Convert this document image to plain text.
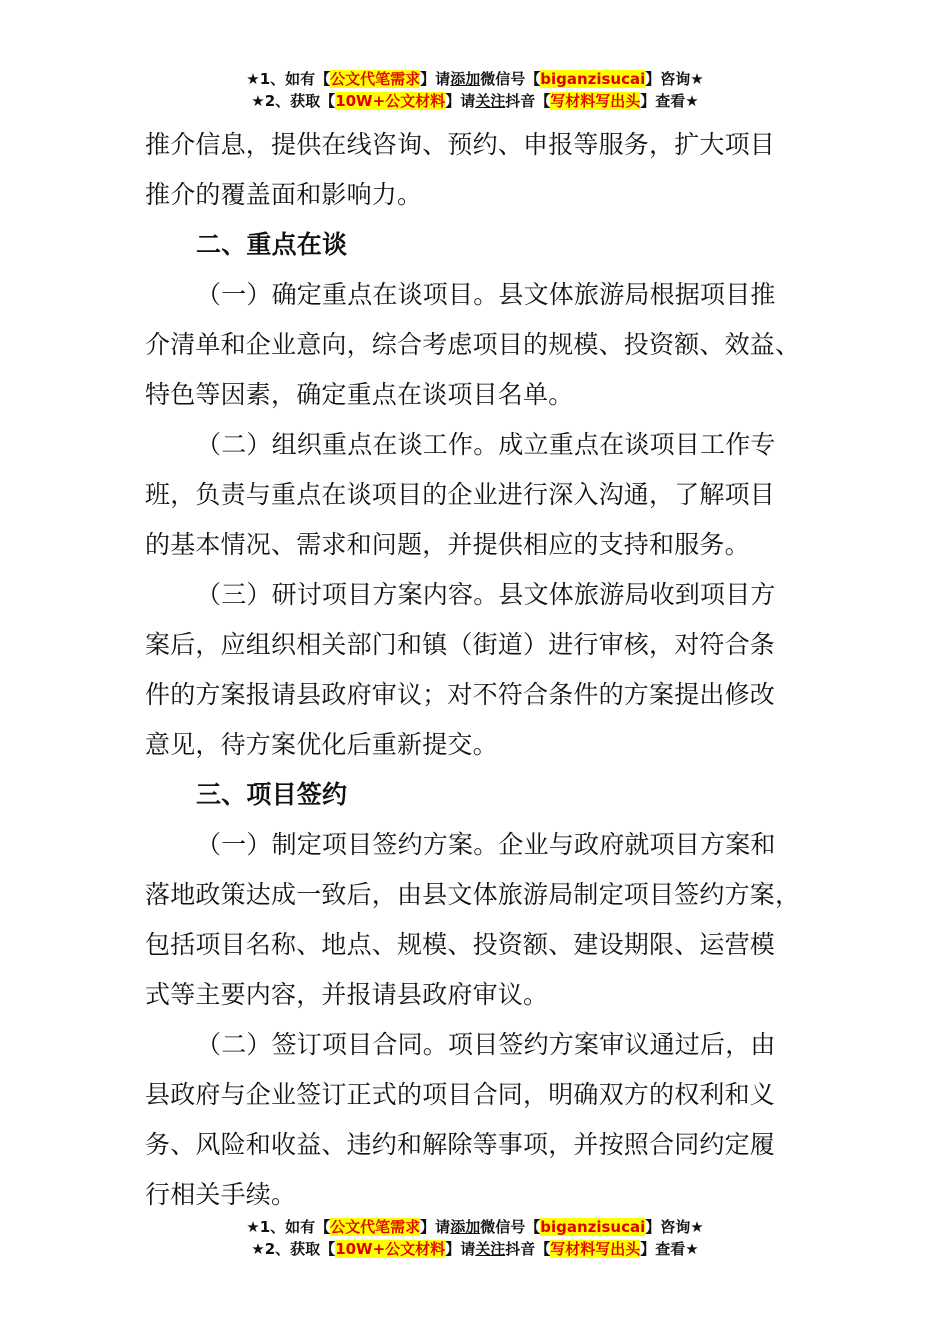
★1、如有【公文代笔需求】请添加微信号【biganzisucai】咨询★
★2、获取【10W+公文材料】请关注抖音【写材料写出头】查看★
推介信息，提供在线咨询、预约、申报等服务，扩大项目
推介的覆盖面和影响力。
二、重点在谈
（一）确定重点在谈项目。县文体旅游局根据项目推
介清单和企业意向，综合考虑项目的规模、投资额、效益、
特色等因素，确定重点在谈项目名单。
（二）组织重点在谈工作。成立重点在谈项目工作专
班，负责与重点在谈项目的企业进行深入沟通，了解项目
的基本情况、需求和问题，并提供相应的支持和服务。
（三）研讨项目方案内容。县文体旅游局收到项目方
案后，应组织相关部门和镇（街道）进行审核，对符合条
件的方案报请县政府审议；对不符合条件的方案提出修改
意见，待方案优化后重新提交。
三、项目签约
（一）制定项目签约方案。企业与政府就项目方案和
落地政策达成一致后，由县文体旅游局制定项目签约方案，
包括项目名称、地点、规模、投资额、建设期限、运营模
式等主要内容，并报请县政府审议。
（二）签订项目合同。项目签约方案审议通过后，由
县政府与企业签订正式的项目合同，明确双方的权利和义
务、风险和收益、违约和解除等事项，并按照合同约定履
行相关手续。
★1、如有【公文代笔需求】请添加微信号【biganzisucai】咨询★
★2、获取【10W+公文材料】请关注抖音【写材料写出头】查看★
